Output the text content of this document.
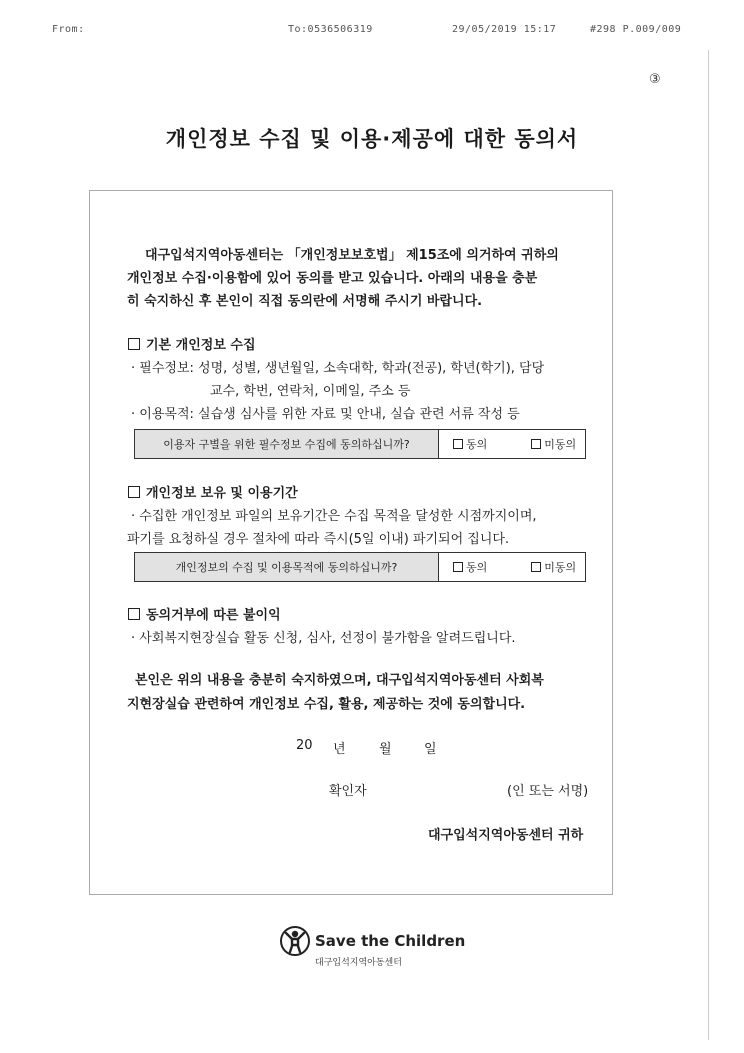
From:	To:0536506319	29/05/2019 15:17	#298 P.009/009
③
개인정보 수집 및 이용·제공에 대한 동의서
대구입석지역아동센터는 「개인정보보호법」 제15조에 의거하여 귀하의
개인정보 수집·이용함에 있어 동의를 받고 있습니다. 아래의 내용을 충분
히 숙지하신 후 본인이 직접 동의란에 서명해 주시기 바랍니다.
기본 개인정보 수집
· 필수정보: 성명, 성별, 생년월일, 소속대학, 학과(전공), 학년(학기), 담당
교수, 학번, 연락처, 이메일, 주소 등
· 이용목적: 실습생 심사를 위한 자료 및 안내, 실습 관련 서류 작성 등
이용자 구별을 위한 필수정보 수집에 동의하십니까?	동의	미동의
개인정보 보유 및 이용기간
· 수집한 개인정보 파일의 보유기간은 수집 목적을 달성한 시점까지이며,
파기를 요청하실 경우 절차에 따라 즉시(5일 이내) 파기되어 집니다.
개인정보의 수집 및 이용목적에 동의하십니까?	동의	미동의
동의거부에 따른 불이익
· 사회복지현장실습 활동 신청, 심사, 선정이 불가함을 알려드립니다.
본인은 위의 내용을 충분히 숙지하였으며, 대구입석지역아동센터 사회복
지현장실습 관련하여 개인정보 수집, 활용, 제공하는 것에 동의합니다.
20 년	월 일
확인자	(인 또는 서명)
대구입석지역아동센터 귀하
Save the Children
대구입석지역아동센터
